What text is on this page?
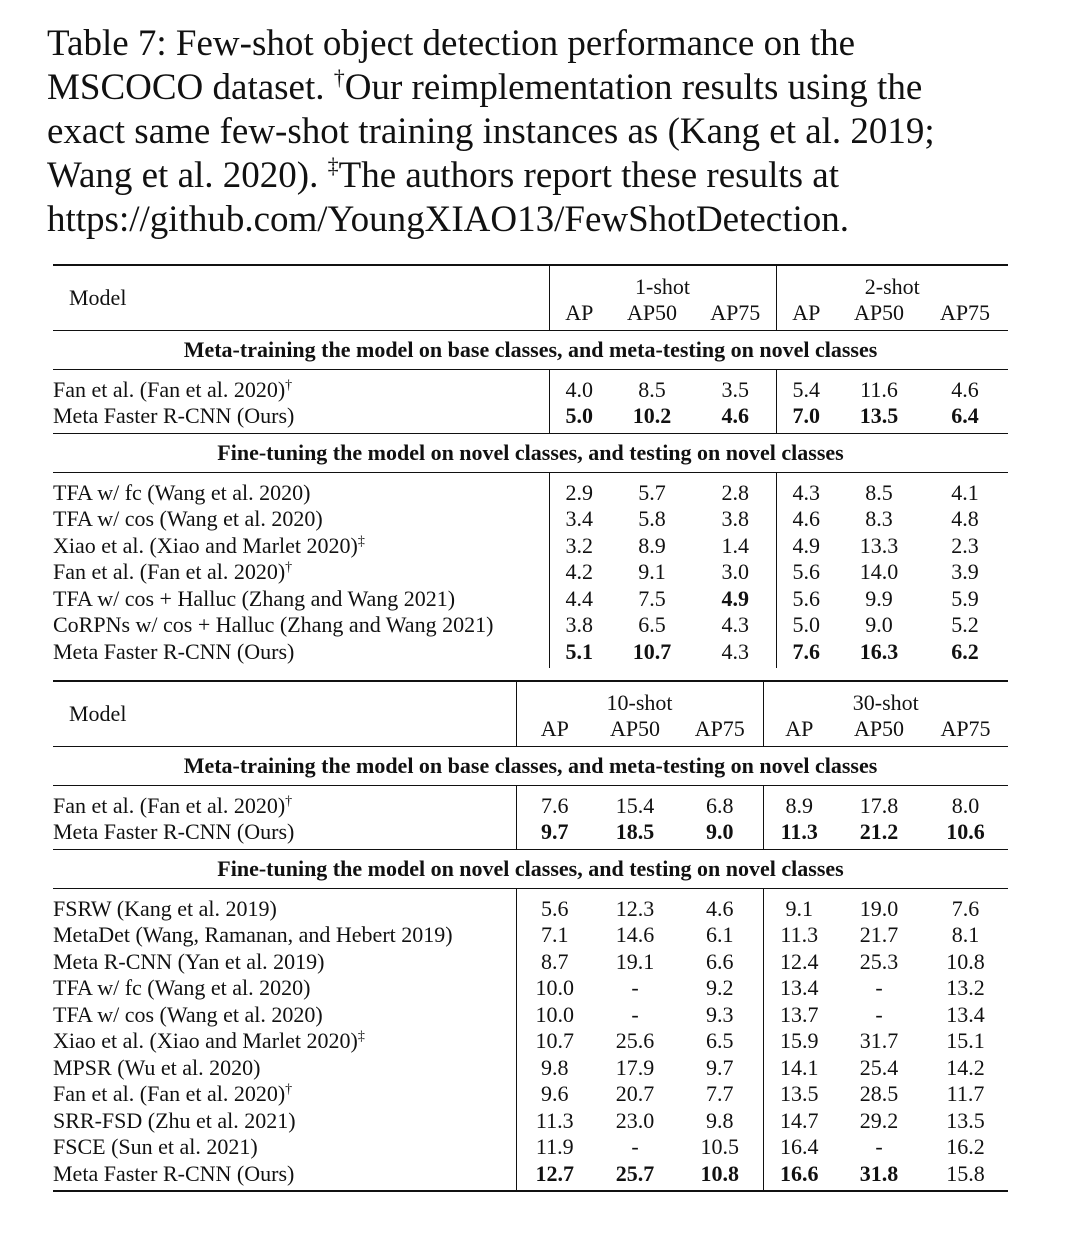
Table 7: Few-shot object detection performance on the
MSCOCO dataset. †Our reimplementation results using the
exact same few-shot training instances as (Kang et al. 2019;
Wang et al. 2020). ‡The authors report these results at
https://github.com/YoungXIAO13/FewShotDetection.
Model	1-shot			2-shot		
	AP	AP50	AP75	AP	AP50	AP75
Meta-training the model on base classes, and meta-testing on novel classes						
Fan et al. (Fan et al. 2020)†	4.0	8.5	3.5	5.4	11.6	4.6
Meta Faster R-CNN (Ours)	5.0	10.2	4.6	7.0	13.5	6.4
Fine-tuning the model on novel classes, and testing on novel classes						
TFA w/ fc (Wang et al. 2020)	2.9	5.7	2.8	4.3	8.5	4.1
TFA w/ cos (Wang et al. 2020)	3.4	5.8	3.8	4.6	8.3	4.8
Xiao et al. (Xiao and Marlet 2020)‡	3.2	8.9	1.4	4.9	13.3	2.3
Fan et al. (Fan et al. 2020)†	4.2	9.1	3.0	5.6	14.0	3.9
TFA w/ cos + Halluc (Zhang and Wang 2021)	4.4	7.5	4.9	5.6	9.9	5.9
CoRPNs w/ cos + Halluc (Zhang and Wang 2021)	3.8	6.5	4.3	5.0	9.0	5.2
Meta Faster R-CNN (Ours)	5.1	10.7	4.3	7.6	16.3	6.2
Model	10-shot			30-shot		
	AP	AP50	AP75	AP	AP50	AP75
Meta-training the model on base classes, and meta-testing on novel classes						
Fan et al. (Fan et al. 2020)†	7.6	15.4	6.8	8.9	17.8	8.0
Meta Faster R-CNN (Ours)	9.7	18.5	9.0	11.3	21.2	10.6
Fine-tuning the model on novel classes, and testing on novel classes						
FSRW (Kang et al. 2019)	5.6	12.3	4.6	9.1	19.0	7.6
MetaDet (Wang, Ramanan, and Hebert 2019)	7.1	14.6	6.1	11.3	21.7	8.1
Meta R-CNN (Yan et al. 2019)	8.7	19.1	6.6	12.4	25.3	10.8
TFA w/ fc (Wang et al. 2020)	10.0	-	9.2	13.4	-	13.2
TFA w/ cos (Wang et al. 2020)	10.0	-	9.3	13.7	-	13.4
Xiao et al. (Xiao and Marlet 2020)‡	10.7	25.6	6.5	15.9	31.7	15.1
MPSR (Wu et al. 2020)	9.8	17.9	9.7	14.1	25.4	14.2
Fan et al. (Fan et al. 2020)†	9.6	20.7	7.7	13.5	28.5	11.7
SRR-FSD (Zhu et al. 2021)	11.3	23.0	9.8	14.7	29.2	13.5
FSCE (Sun et al. 2021)	11.9	-	10.5	16.4	-	16.2
Meta Faster R-CNN (Ours)	12.7	25.7	10.8	16.6	31.8	15.8
